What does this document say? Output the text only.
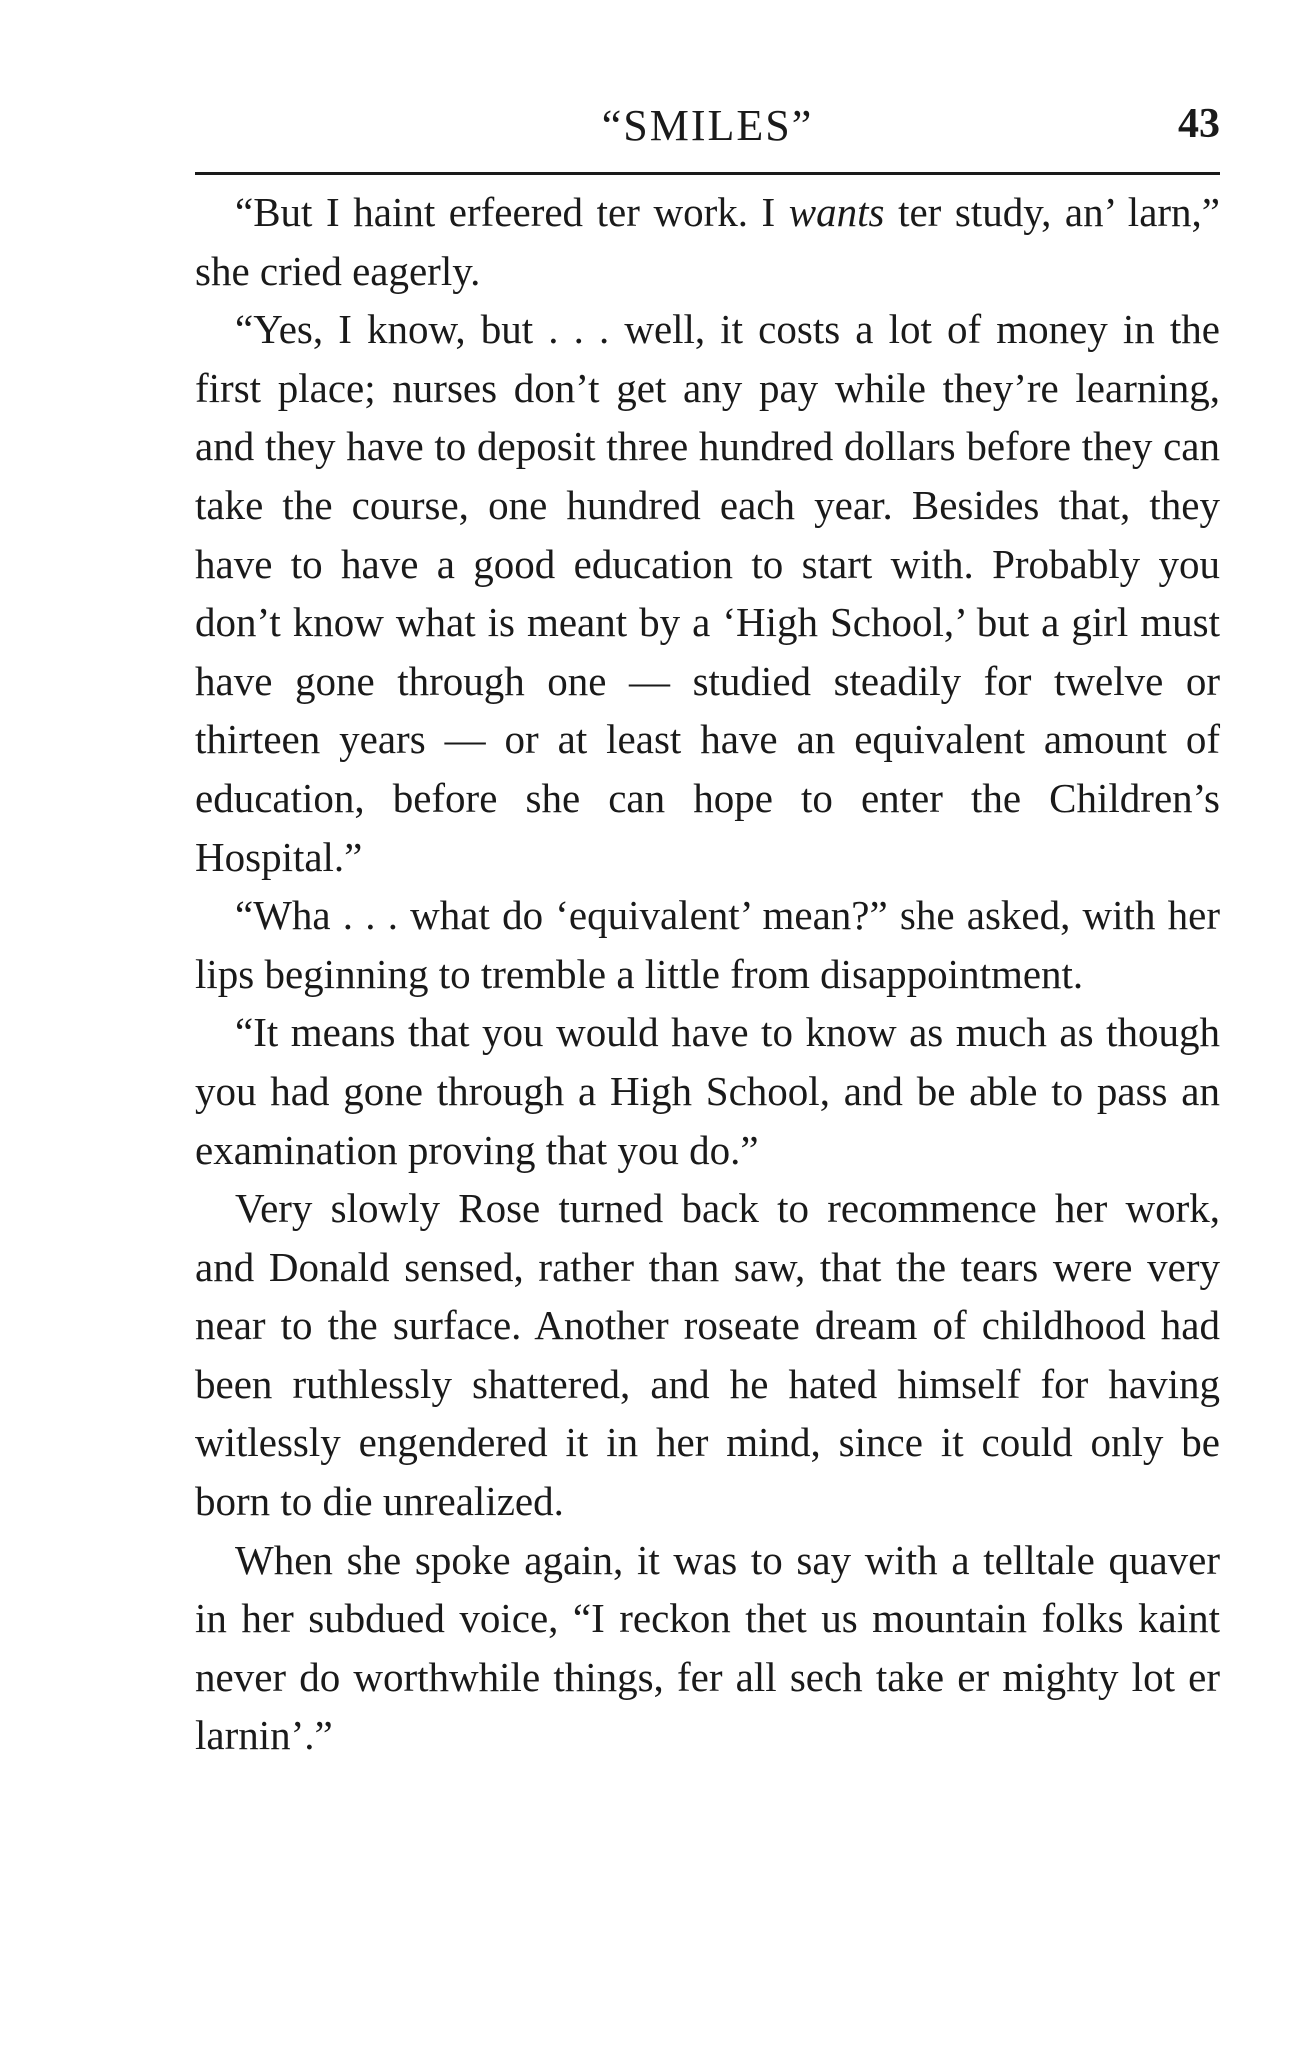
“SMILES”	43

“But I haint erfeered ter work. I wants ter study, an’ larn,” she cried eagerly.

“Yes, I know, but . . . well, it costs a lot of money in the first place; nurses don’t get any pay while they’re learning, and they have to deposit three hundred dollars before they can take the course, one hundred each year. Besides that, they have to have a good education to start with. Probably you don’t know what is meant by a ‘High School,’ but a girl must have gone through one — studied steadily for twelve or thirteen years — or at least have an equivalent amount of education, before she can hope to enter the Children’s Hospital.”

“Wha . . . what do ‘equivalent’ mean?” she asked, with her lips beginning to tremble a little from disappointment.

“It means that you would have to know as much as though you had gone through a High School, and be able to pass an examination proving that you do.”

Very slowly Rose turned back to recommence her work, and Donald sensed, rather than saw, that the tears were very near to the surface. Another roseate dream of childhood had been ruthlessly shattered, and he hated himself for having witlessly engendered it in her mind, since it could only be born to die unrealized.

When she spoke again, it was to say with a telltale quaver in her subdued voice, “I reckon thet us mountain folks kaint never do worthwhile things, fer all sech take er mighty lot er larnin’.”
